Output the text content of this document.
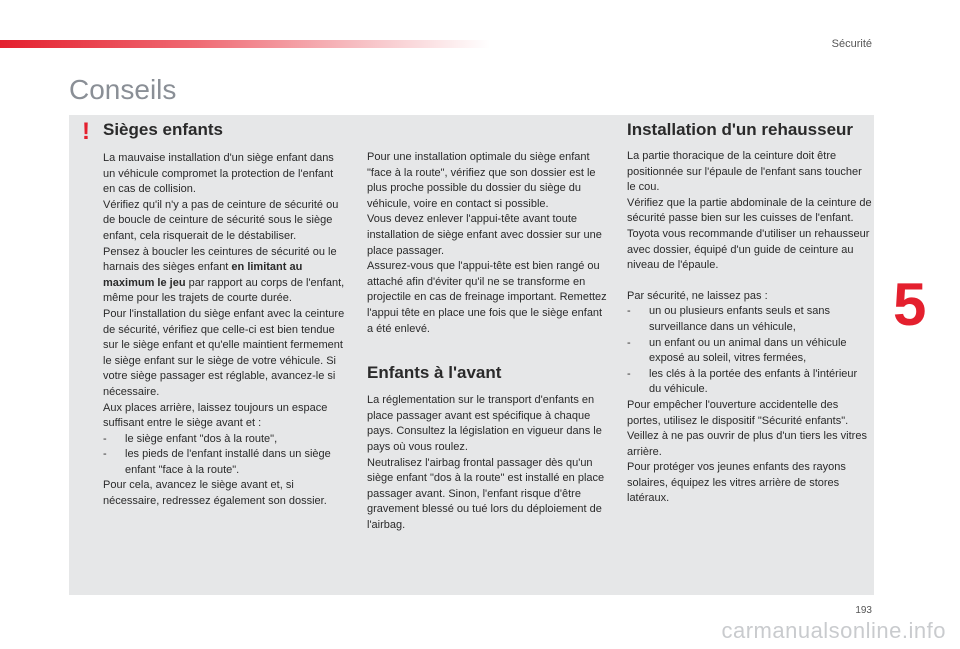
Sécurité
Conseils
! Sièges enfants

La mauvaise installation d'un siège enfant dans un véhicule compromet la protection de l'enfant en cas de collision.

Vérifiez qu'il n'y a pas de ceinture de sécurité ou de boucle de ceinture de sécurité sous le siège enfant, cela risquerait de le déstabiliser.

Pensez à boucler les ceintures de sécurité ou le harnais des sièges enfant en limitant au maximum le jeu par rapport au corps de l'enfant, même pour les trajets de courte durée.

Pour l'installation du siège enfant avec la ceinture de sécurité, vérifiez que celle-ci est bien tendue sur le siège enfant et qu'elle maintient fermement le siège enfant sur le siège de votre véhicule. Si votre siège passager est réglable, avancez-le si nécessaire.

Aux places arrière, laissez toujours un espace suffisant entre le siège avant et :

- le siège enfant "dos à la route",
- les pieds de l'enfant installé dans un siège enfant "face à la route".

Pour cela, avancez le siège avant et, si nécessaire, redressez également son dossier.

Pour une installation optimale du siège enfant "face à la route", vérifiez que son dossier est le plus proche possible du dossier du siège du véhicule, voire en contact si possible.

Vous devez enlever l'appui-tête avant toute installation de siège enfant avec dossier sur une place passager.

Assurez-vous que l'appui-tête est bien rangé ou attaché afin d'éviter qu'il ne se transforme en projectile en cas de freinage important. Remettez l'appui tête en place une fois que le siège enfant a été enlevé.

Enfants à l'avant

La réglementation sur le transport d'enfants en place passager avant est spécifique à chaque pays. Consultez la législation en vigueur dans le pays où vous roulez.

Neutralisez l'airbag frontal passager dès qu'un siège enfant "dos à la route" est installé en place passager avant. Sinon, l'enfant risque d'être gravement blessé ou tué lors du déploiement de l'airbag.

Installation d'un rehausseur

La partie thoracique de la ceinture doit être positionnée sur l'épaule de l'enfant sans toucher le cou.

Vérifiez que la partie abdominale de la ceinture de sécurité passe bien sur les cuisses de l'enfant.

Toyota vous recommande d'utiliser un rehausseur avec dossier, équipé d'un guide de ceinture au niveau de l'épaule.

Par sécurité, ne laissez pas :

- un ou plusieurs enfants seuls et sans surveillance dans un véhicule,
- un enfant ou un animal dans un véhicule exposé au soleil, vitres fermées,
- les clés à la portée des enfants à l'intérieur du véhicule.

Pour empêcher l'ouverture accidentelle des portes, utilisez le dispositif "Sécurité enfants".

Veillez à ne pas ouvrir de plus d'un tiers les vitres arrière.

Pour protéger vos jeunes enfants des rayons solaires, équipez les vitres arrière de stores latéraux.

5
193
carmanualsonline.info
